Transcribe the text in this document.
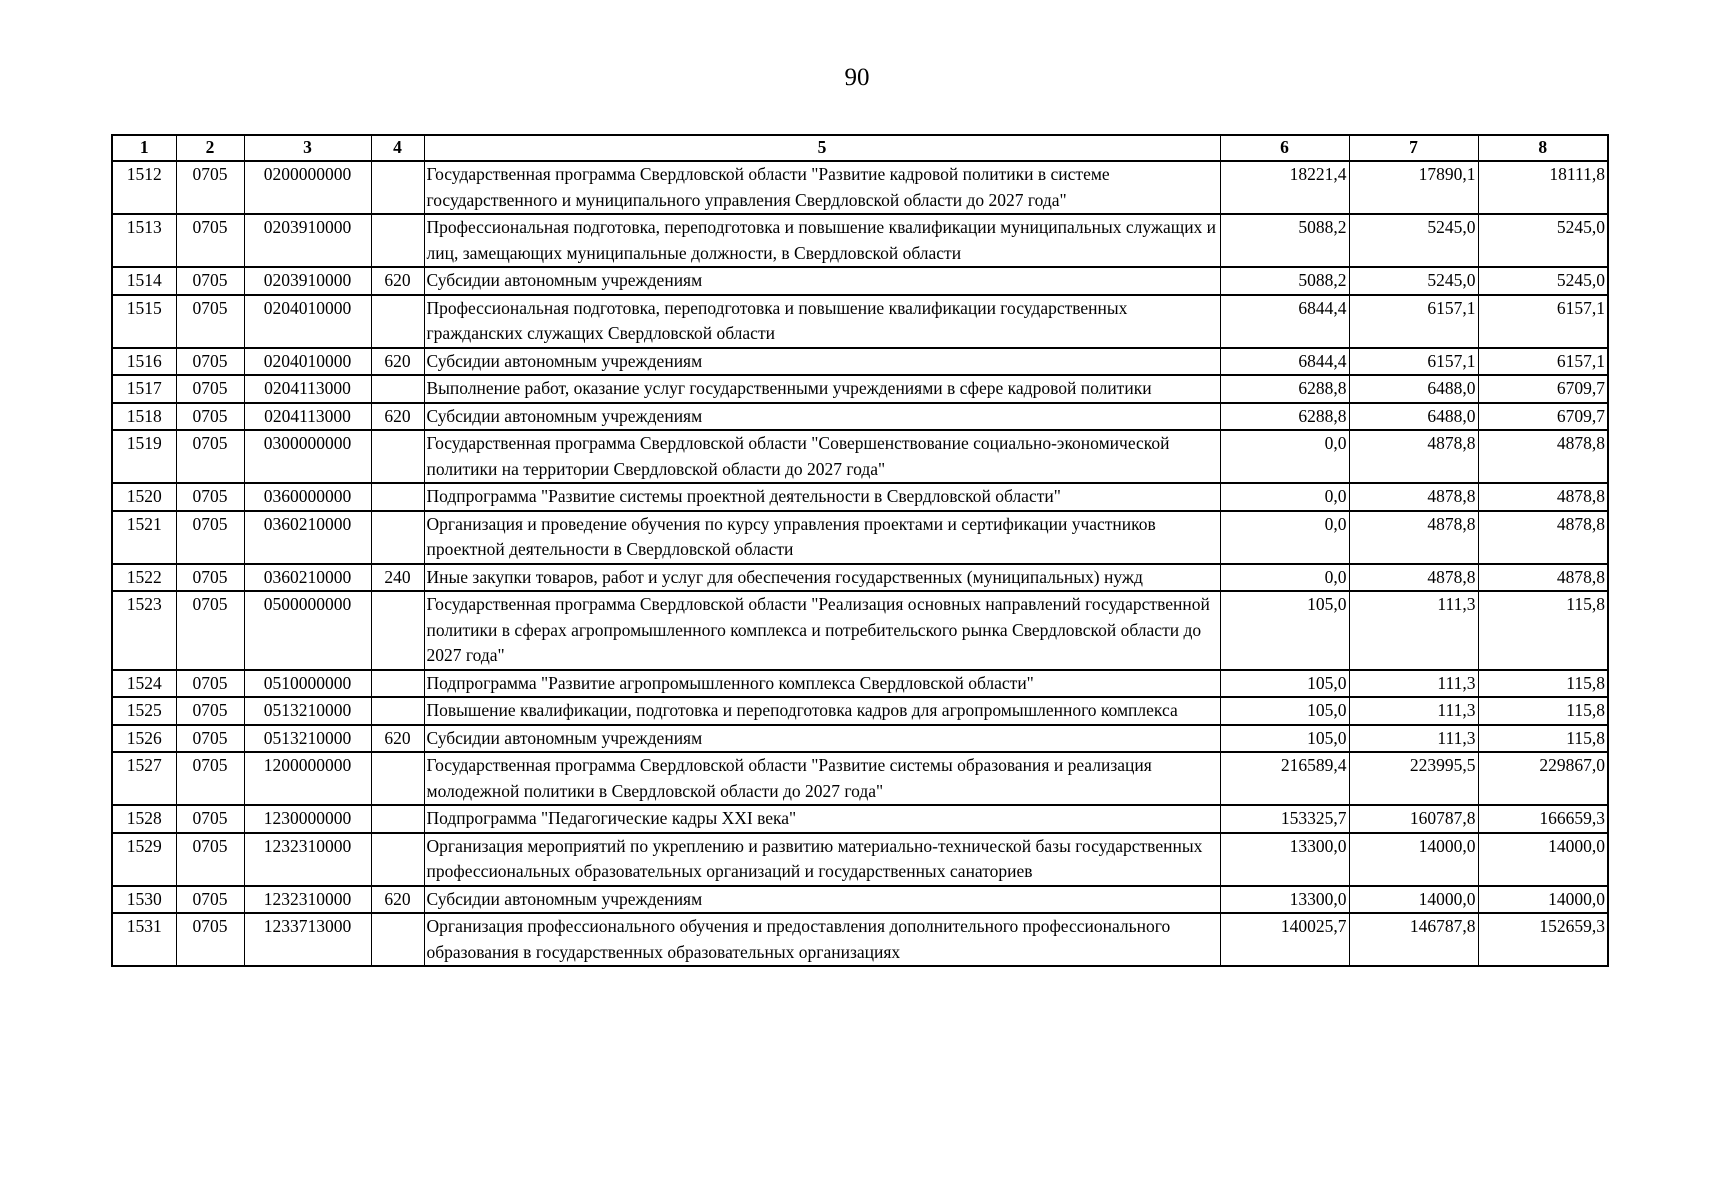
90
1	2	3	4	5	6	7	8
1512	0705	0200000000		Государственная программа Свердловской области "Развитие кадровой политики в системе государственного и муниципального управления Свердловской области до 2027 года"	18221,4	17890,1	18111,8
1513	0705	0203910000		Профессиональная подготовка, переподготовка и повышение квалификации муниципальных служащих и лиц, замещающих муниципальные должности, в Свердловской области	5088,2	5245,0	5245,0
1514	0705	0203910000	620	Субсидии автономным учреждениям	5088,2	5245,0	5245,0
1515	0705	0204010000		Профессиональная подготовка, переподготовка и повышение квалификации государственных гражданских служащих Свердловской области	6844,4	6157,1	6157,1
1516	0705	0204010000	620	Субсидии автономным учреждениям	6844,4	6157,1	6157,1
1517	0705	0204113000		Выполнение работ, оказание услуг государственными учреждениями в сфере кадровой политики	6288,8	6488,0	6709,7
1518	0705	0204113000	620	Субсидии автономным учреждениям	6288,8	6488,0	6709,7
1519	0705	0300000000		Государственная программа Свердловской области "Совершенствование социально-экономической политики на территории Свердловской области до 2027 года"	0,0	4878,8	4878,8
1520	0705	0360000000		Подпрограмма "Развитие системы проектной деятельности в Свердловской области"	0,0	4878,8	4878,8
1521	0705	0360210000		Организация и проведение обучения по курсу управления проектами и сертификации участников проектной деятельности в Свердловской области	0,0	4878,8	4878,8
1522	0705	0360210000	240	Иные закупки товаров, работ и услуг для обеспечения государственных (муниципальных) нужд	0,0	4878,8	4878,8
1523	0705	0500000000		Государственная программа Свердловской области "Реализация основных направлений государственной политики в сферах агропромышленного комплекса и потребительского рынка Свердловской области до 2027 года"	105,0	111,3	115,8
1524	0705	0510000000		Подпрограмма "Развитие агропромышленного комплекса Свердловской области"	105,0	111,3	115,8
1525	0705	0513210000		Повышение квалификации, подготовка и переподготовка кадров для агропромышленного комплекса	105,0	111,3	115,8
1526	0705	0513210000	620	Субсидии автономным учреждениям	105,0	111,3	115,8
1527	0705	1200000000		Государственная программа Свердловской области "Развитие системы образования и реализация молодежной политики в Свердловской области до 2027 года"	216589,4	223995,5	229867,0
1528	0705	1230000000		Подпрограмма "Педагогические кадры XXI века"	153325,7	160787,8	166659,3
1529	0705	1232310000		Организация мероприятий по укреплению и развитию материально-технической базы государственных профессиональных образовательных организаций и государственных санаториев	13300,0	14000,0	14000,0
1530	0705	1232310000	620	Субсидии автономным учреждениям	13300,0	14000,0	14000,0
1531	0705	1233713000		Организация профессионального обучения и предоставления дополнительного профессионального образования в государственных образовательных организациях	140025,7	146787,8	152659,3
